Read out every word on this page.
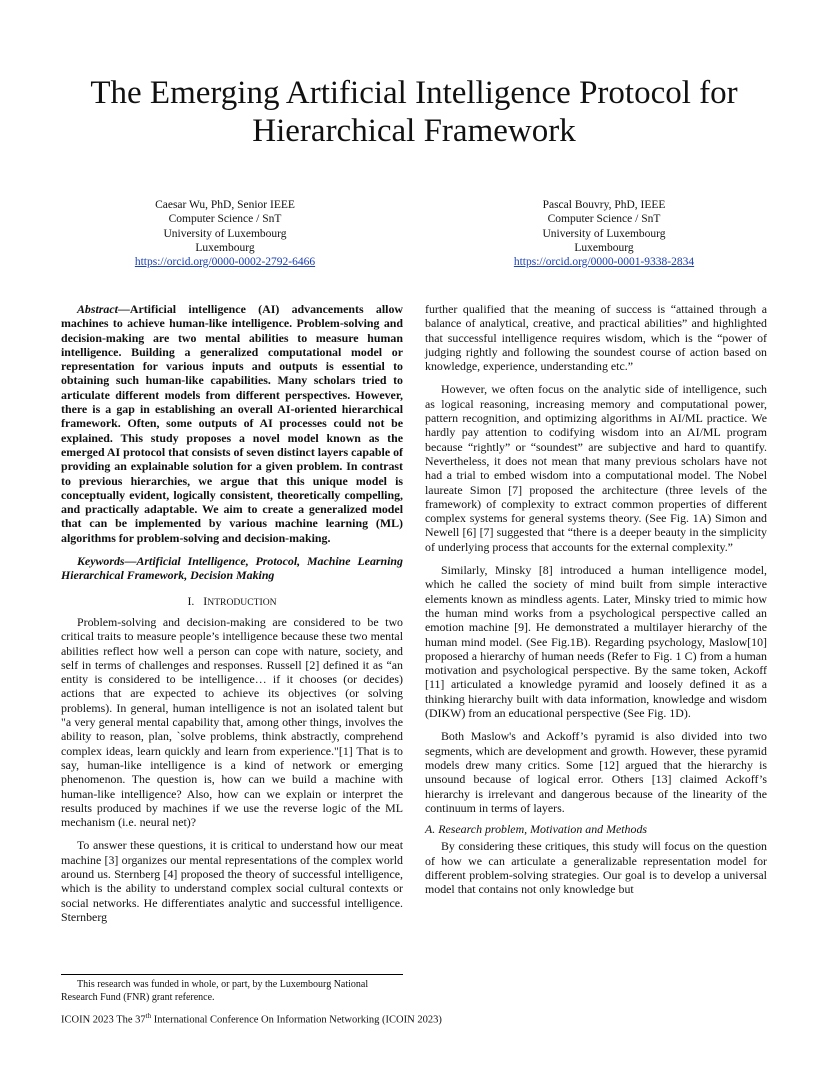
The Emerging Artificial Intelligence Protocol for
Hierarchical Framework
Caesar Wu, PhD, Senior IEEE
Computer Science / SnT
University of Luxembourg
Luxembourg
https://orcid.org/0000-0002-2792-6466
Pascal Bouvry, PhD, IEEE
Computer Science / SnT
University of Luxembourg
Luxembourg
https://orcid.org/0000-0001-9338-2834

Abstract—Artificial intelligence (AI) advancements allow machines to achieve human-like intelligence. Problem-solving and decision-making are two mental abilities to measure human intelligence. Building a generalized computational model or representation for various inputs and outputs is essential to obtaining such human-like capabilities. Many scholars tried to articulate different models from different perspectives. However, there is a gap in establishing an overall AI-oriented hierarchical framework. Often, some outputs of AI processes could not be explained. This study proposes a novel model known as the emerged AI protocol that consists of seven distinct layers capable of providing an explainable solution for a given problem. In contrast to previous hierarchies, we argue that this unique model is conceptually evident, logically consistent, theoretically compelling, and practically adaptable. We aim to create a generalized model that can be implemented by various machine learning (ML) algorithms for problem-solving and decision-making.

Keywords—Artificial Intelligence, Protocol, Machine Learning Hierarchical Framework, Decision Making

I. INTRODUCTION

Problem-solving and decision-making are considered to be two critical traits to measure people’s intelligence because these two mental abilities reflect how well a person can cope with nature, society, and self in terms of challenges and responses. Russell [2] defined it as “an entity is considered to be intelligence… if it chooses (or decides) actions that are expected to achieve its objectives (or solving problems). In general, human intelligence is not an isolated talent but "a very general mental capability that, among other things, involves the ability to reason, plan, `solve problems, think abstractly, comprehend complex ideas, learn quickly and learn from experience."[1] That is to say, human-like intelligence is a kind of network or emerging phenomenon. The question is, how can we build a machine with human-like intelligence? Also, how can we explain or interpret the results produced by machines if we use the reverse logic of the ML mechanism (i.e. neural net)?

To answer these questions, it is critical to understand how our meat machine [3] organizes our mental representations of the complex world around us. Sternberg [4] proposed the theory of successful intelligence, which is the ability to understand complex social cultural contexts or social networks. He differentiates analytic and successful intelligence. Sternberg

further qualified that the meaning of success is “attained through a balance of analytical, creative, and practical abilities” and highlighted that successful intelligence requires wisdom, which is the “power of judging rightly and following the soundest course of action based on knowledge, experience, understanding etc.”

However, we often focus on the analytic side of intelligence, such as logical reasoning, increasing memory and computational power, pattern recognition, and optimizing algorithms in AI/ML practice. We hardly pay attention to codifying wisdom into an AI/ML program because “rightly” or “soundest” are subjective and hard to quantify. Nevertheless, it does not mean that many previous scholars have not had a trial to embed wisdom into a computational model. The Nobel laureate Simon [7] proposed the architecture (three levels of the framework) of complexity to extract common properties of different complex systems for general systems theory. (See Fig. 1A) Simon and Newell [6] [7] suggested that “there is a deeper beauty in the simplicity of underlying process that accounts for the external complexity.”

Similarly, Minsky [8] introduced a human intelligence model, which he called the society of mind built from simple interactive elements known as mindless agents. Later, Minsky tried to mimic how the human mind works from a psychological perspective called an emotion machine [9]. He demonstrated a multilayer hierarchy of the human mind model. (See Fig.1B). Regarding psychology, Maslow[10] proposed a hierarchy of human needs (Refer to Fig. 1 C) from a human motivation and psychological perspective. By the same token, Ackoff [11] articulated a knowledge pyramid and loosely defined it as a thinking hierarchy built with data information, knowledge and wisdom (DIKW) from an educational perspective (See Fig. 1D).

Both Maslow's and Ackoff’s pyramid is also divided into two segments, which are development and growth. However, these pyramid models drew many critics. Some [12] argued that the hierarchy is unsound because of logical error. Others [13] claimed Ackoff’s hierarchy is irrelevant and dangerous because of the linearity of the continuum in terms of layers.

A. Research problem, Motivation and Methods

By considering these critiques, this study will focus on the question of how we can articulate a generalizable representation model for different problem-solving strategies. Our goal is to develop a universal model that contains not only knowledge but

This research was funded in whole, or part, by the Luxembourg National Research Fund (FNR) grant reference.

ICOIN 2023 The 37th International Conference On Information Networking (ICOIN 2023)
